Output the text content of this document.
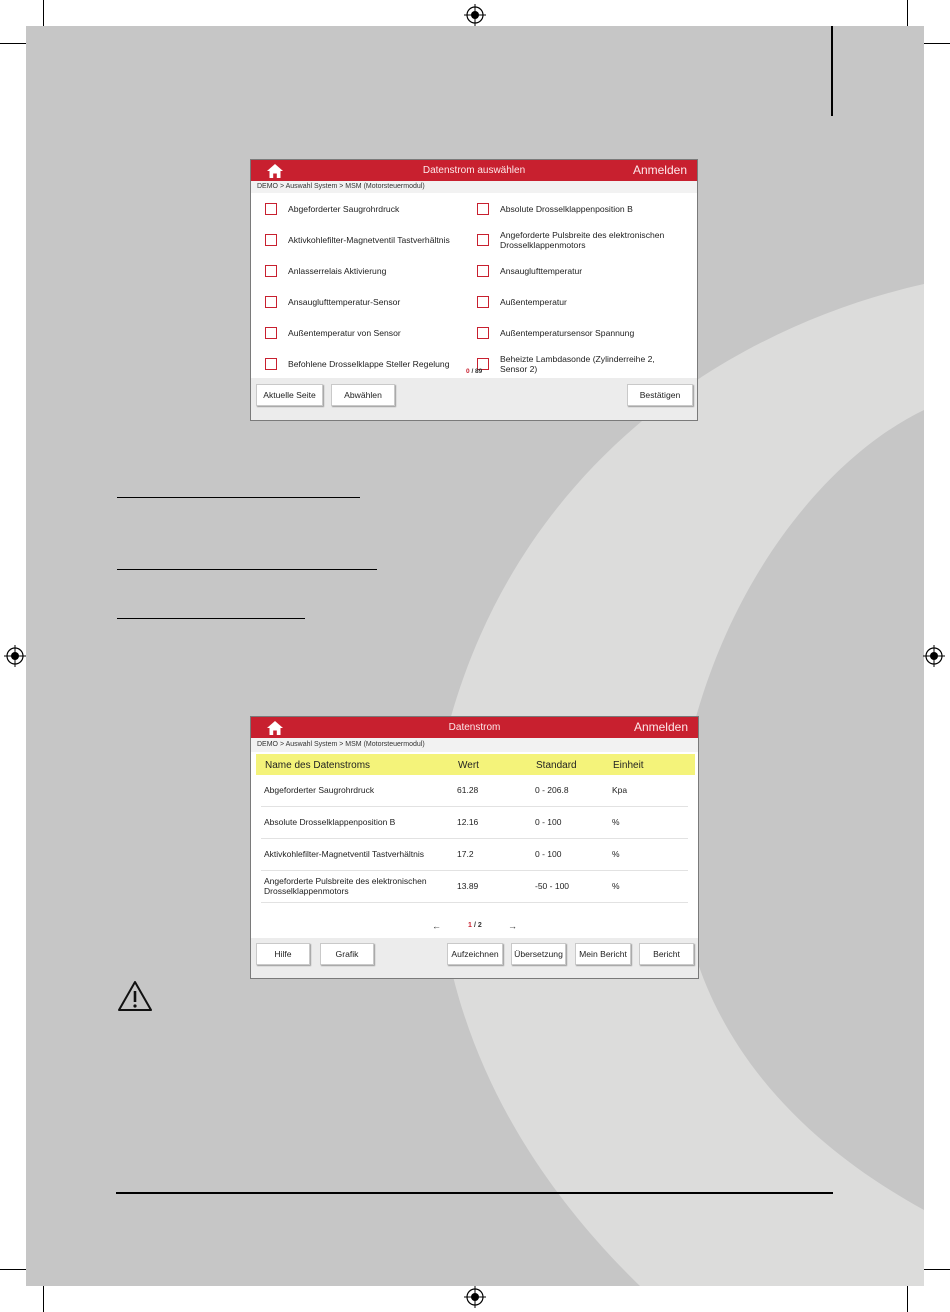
Datenstrom auswählen	Anmelden
DEMO > Auswahl System > MSM (Motorsteuermodul)
Abgeforderter Saugrohrdruck
Aktivkohlefilter-Magnetventil Tastverhältnis
Anlasserrelais Aktivierung
Ansauglufttemperatur-Sensor
Außentemperatur von Sensor
Befohlene Drosselklappe Steller Regelung
Absolute Drosselklappenposition B
Angeforderte Pulsbreite des elektronischen Drosselklappenmotors
Ansauglufttemperatur
Außentemperatur
Außentemperatursensor Spannung
Beheizte Lambdasonde (Zylinderreihe 2, Sensor 2)
0 / 89
Aktuelle Seite	Abwählen	Bestätigen
Datenstrom	Anmelden
DEMO > Auswahl System > MSM (Motorsteuermodul)
Name des Datenstroms	Wert	Standard	Einheit
Abgeforderter Saugrohrdruck	61.28	0 - 206.8	Kpa
Absolute Drosselklappenposition B	12.16	0 - 100	%
Aktivkohlefilter-Magnetventil Tastverhältnis	17.2	0 - 100	%
Angeforderte Pulsbreite des elektronischen Drosselklappenmotors	13.89	-50 - 100	%
←	1 / 2	→
Hilfe	Grafik	Aufzeichnen	Übersetzung	Mein Bericht	Bericht
